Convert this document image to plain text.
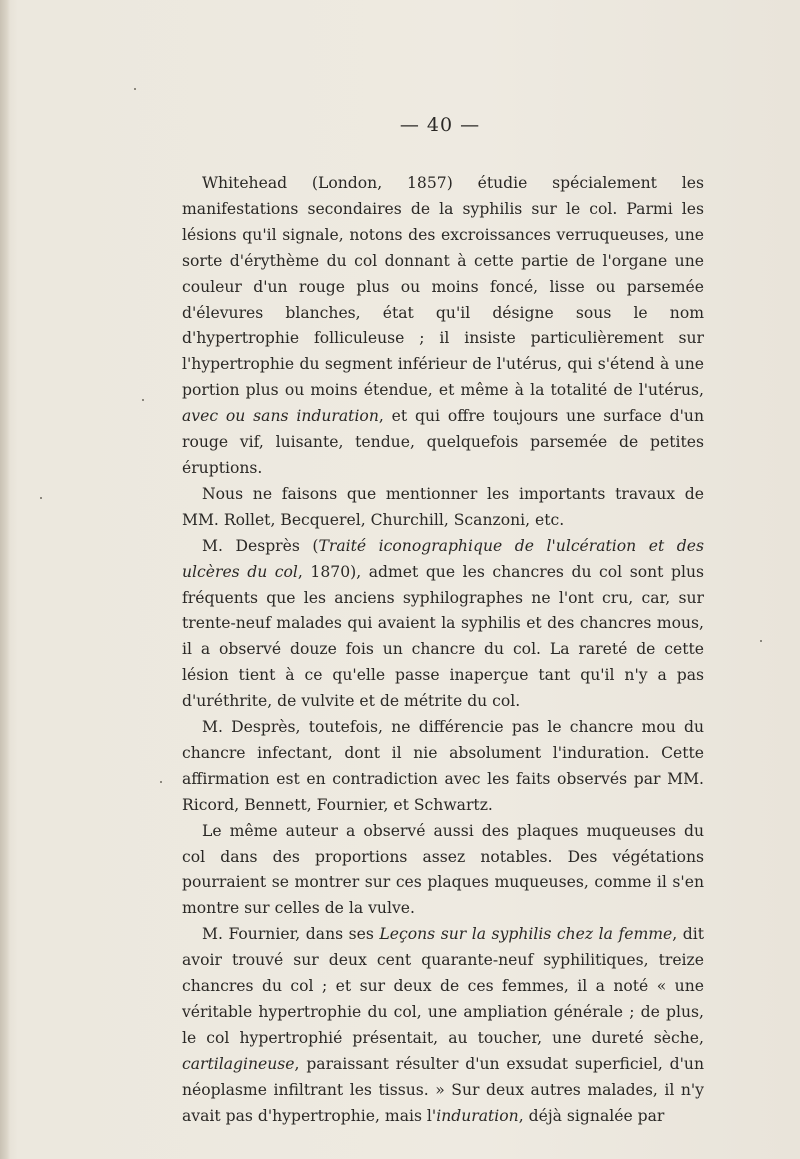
— 40 —

Whitehead (London, 1857) étudie spécialement les manifestations secondaires de la syphilis sur le col. Parmi les lésions qu'il signale, notons des excroissances verruqueuses, une sorte d'érythème du col donnant à cette partie de l'organe une couleur d'un rouge plus ou moins foncé, lisse ou parsemée d'élevures blanches, état qu'il désigne sous le nom d'hypertrophie folliculeuse ; il insiste particulièrement sur l'hypertrophie du segment inférieur de l'utérus, qui s'étend à une portion plus ou moins étendue, et même à la totalité de l'utérus, avec ou sans induration, et qui offre toujours une surface d'un rouge vif, luisante, tendue, quelquefois parsemée de petites éruptions.

Nous ne faisons que mentionner les importants travaux de MM. Rollet, Becquerel, Churchill, Scanzoni, etc.

M. Desprès (Traité iconographique de l'ulcération et des ulcères du col, 1870), admet que les chancres du col sont plus fréquents que les anciens syphilographes ne l'ont cru, car, sur trente-neuf malades qui avaient la syphilis et des chancres mous, il a observé douze fois un chancre du col. La rareté de cette lésion tient à ce qu'elle passe inaperçue tant qu'il n'y a pas d'uréthrite, de vulvite et de métrite du col.

M. Desprès, toutefois, ne différencie pas le chancre mou du chancre infectant, dont il nie absolument l'induration. Cette affirmation est en contradiction avec les faits observés par MM. Ricord, Bennett, Fournier, et Schwartz.

Le même auteur a observé aussi des plaques muqueuses du col dans des proportions assez notables. Des végétations pourraient se montrer sur ces plaques muqueuses, comme il s'en montre sur celles de la vulve.

M. Fournier, dans ses Leçons sur la syphilis chez la femme, dit avoir trouvé sur deux cent quarante-neuf syphilitiques, treize chancres du col ; et sur deux de ces femmes, il a noté « une véritable hypertrophie du col, une ampliation générale ; de plus, le col hypertrophié présentait, au toucher, une dureté sèche, cartilagineuse, paraissant résulter d'un exsudat superficiel, d'un néoplasme infiltrant les tissus. » Sur deux autres malades, il n'y avait pas d'hypertrophie, mais l'induration, déjà signalée par
